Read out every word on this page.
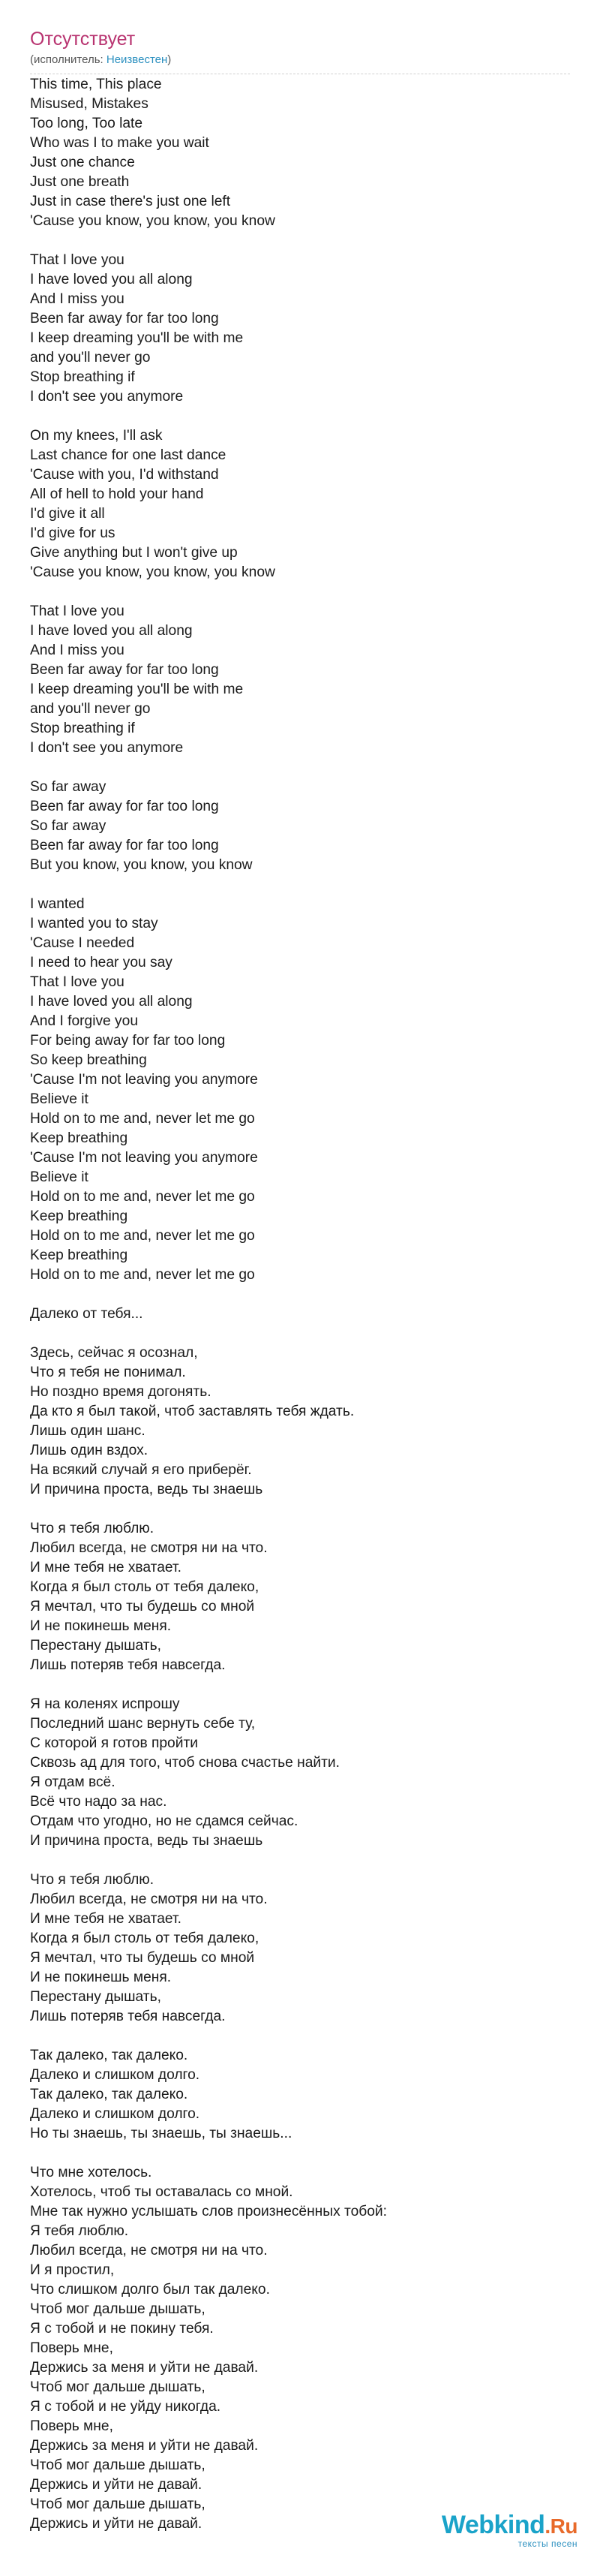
Отсутствует
(исполнитель: Неизвестен)
This time, This place
Misused, Mistakes
Too long, Too late
Who was I to make you wait
Just one chance
Just one breath
Just in case there's just one left
'Cause you know, you know, you know

That I love you
I have loved you all along
And I miss you
Been far away for far too long
I keep dreaming you'll be with me
and you'll never go
Stop breathing if
I don't see you anymore

On my knees, I'll ask
Last chance for one last dance
'Cause with you, I'd withstand
All of hell to hold your hand
I'd give it all
I'd give for us
Give anything but I won't give up
'Cause you know, you know, you know

That I love you
I have loved you all along
And I miss you
Been far away for far too long
I keep dreaming you'll be with me
and you'll never go
Stop breathing if
I don't see you anymore

So far away
Been far away for far too long
So far away
Been far away for far too long
But you know, you know, you know

I wanted
I wanted you to stay
'Cause I needed
I need to hear you say
That I love you
I have loved you all along
And I forgive you
For being away for far too long
So keep breathing
'Cause I'm not leaving you anymore
Believe it
Hold on to me and, never let me go
Keep breathing
'Cause I'm not leaving you anymore
Believe it
Hold on to me and, never let me go
Keep breathing
Hold on to me and, never let me go
Keep breathing
Hold on to me and, never let me go

Далеко от тебя...

Здесь, сейчас я осознал,
Что я тебя не понимал.
Но поздно время догонять.
Да кто я был такой, чтоб заставлять тебя ждать.
Лишь один шанс.
Лишь один вздох.
На всякий случай я его приберёг.
И причина проста, ведь ты знаешь

Что я тебя люблю.
Любил всегда, не смотря ни на что.
И мне тебя не хватает.
Когда я был столь от тебя далеко,
Я мечтал, что ты будешь со мной
И не покинешь меня.
Перестану дышать,
Лишь потеряв тебя навсегда.

Я на коленях испрошу
Последний шанс вернуть себе ту,
С которой я готов пройти
Сквозь ад для того, чтоб снова счастье найти.
Я отдам всё.
Всё что надо за нас.
Отдам что угодно, но не сдамся сейчас.
И причина проста, ведь ты знаешь

Что я тебя люблю.
Любил всегда, не смотря ни на что.
И мне тебя не хватает.
Когда я был столь от тебя далеко,
Я мечтал, что ты будешь со мной
И не покинешь меня.
Перестану дышать,
Лишь потеряв тебя навсегда.

Так далеко, так далеко.
Далеко и слишком долго.
Так далеко, так далеко.
Далеко и слишком долго.
Но ты знаешь, ты знаешь, ты знаешь...

Что мне хотелось.
Хотелось, чтоб ты оставалась со мной.
Мне так нужно услышать слов произнесённых тобой:
Я тебя люблю.
Любил всегда, не смотря ни на что.
И я простил,
Что слишком долго был так далеко.
Чтоб мог дальше дышать,
Я с тобой и не покину тебя.
Поверь мне,
Держись за меня и уйти не давай.
Чтоб мог дальше дышать,
Я с тобой и не уйду никогда.
Поверь мне,
Держись за меня и уйти не давай.
Чтоб мог дальше дышать,
Держись и уйти не давай.
Чтоб мог дальше дышать,
Держись и уйти не давай.	Webkind.Ru
тексты песен
